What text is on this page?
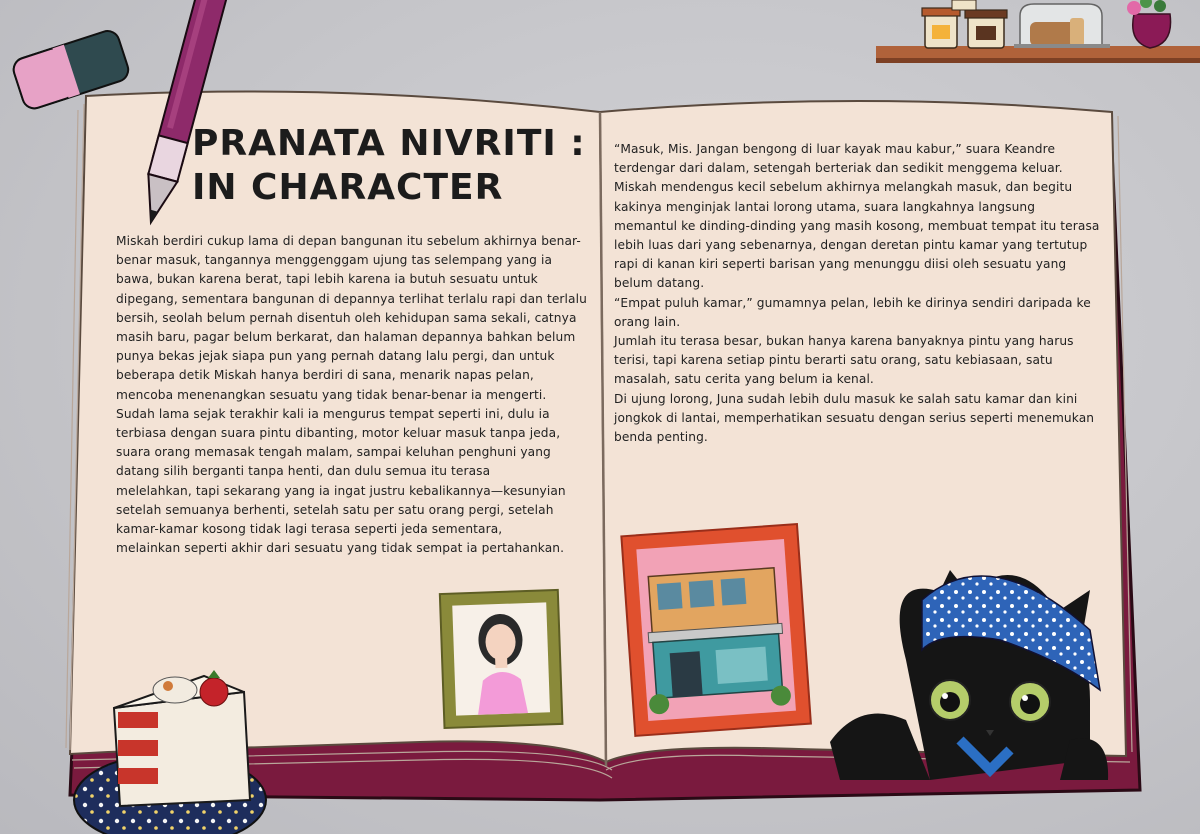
PRANATA NIVRITI :
IN CHARACTER

Miskah berdiri cukup lama di depan bangunan itu sebelum akhirnya benar-benar masuk, tangannya menggenggam ujung tas selempang yang ia bawa, bukan karena berat, tapi lebih karena ia butuh sesuatu untuk dipegang, sementara bangunan di depannya terlihat terlalu rapi dan terlalu bersih, seolah belum pernah disentuh oleh kehidupan sama sekali, catnya masih baru, pagar belum berkarat, dan halaman depannya bahkan belum punya bekas jejak siapa pun yang pernah datang lalu pergi, dan untuk beberapa detik Miskah hanya berdiri di sana, menarik napas pelan, mencoba menenangkan sesuatu yang tidak benar-benar ia mengerti.

Sudah lama sejak terakhir kali ia mengurus tempat seperti ini, dulu ia terbiasa dengan suara pintu dibanting, motor keluar masuk tanpa jeda, suara orang memasak tengah malam, sampai keluhan penghuni yang datang silih berganti tanpa henti, dan dulu semua itu terasa melelahkan, tapi sekarang yang ia ingat justru kebalikannya—kesunyian setelah semuanya berhenti, setelah satu per satu orang pergi, setelah kamar-kamar kosong tidak lagi terasa seperti jeda sementara, melainkan seperti akhir dari sesuatu yang tidak sempat ia pertahankan.

“Masuk, Mis. Jangan bengong di luar kayak mau kabur,” suara Keandre terdengar dari dalam, setengah berteriak dan sedikit menggema keluar. Miskah mendengus kecil sebelum akhirnya melangkah masuk, dan begitu kakinya menginjak lantai lorong utama, suara langkahnya langsung memantul ke dinding-dinding yang masih kosong, membuat tempat itu terasa lebih luas dari yang sebenarnya, dengan deretan pintu kamar yang tertutup rapi di kanan kiri seperti barisan yang menunggu diisi oleh sesuatu yang belum datang.

“Empat puluh kamar,” gumamnya pelan, lebih ke dirinya sendiri daripada ke orang lain.

Jumlah itu terasa besar, bukan hanya karena banyaknya pintu yang harus terisi, tapi karena setiap pintu berarti satu orang, satu kebiasaan, satu masalah, satu cerita yang belum ia kenal.

Di ujung lorong, Juna sudah lebih dulu masuk ke salah satu kamar dan kini jongkok di lantai, memperhatikan sesuatu dengan serius seperti menemukan benda penting.
